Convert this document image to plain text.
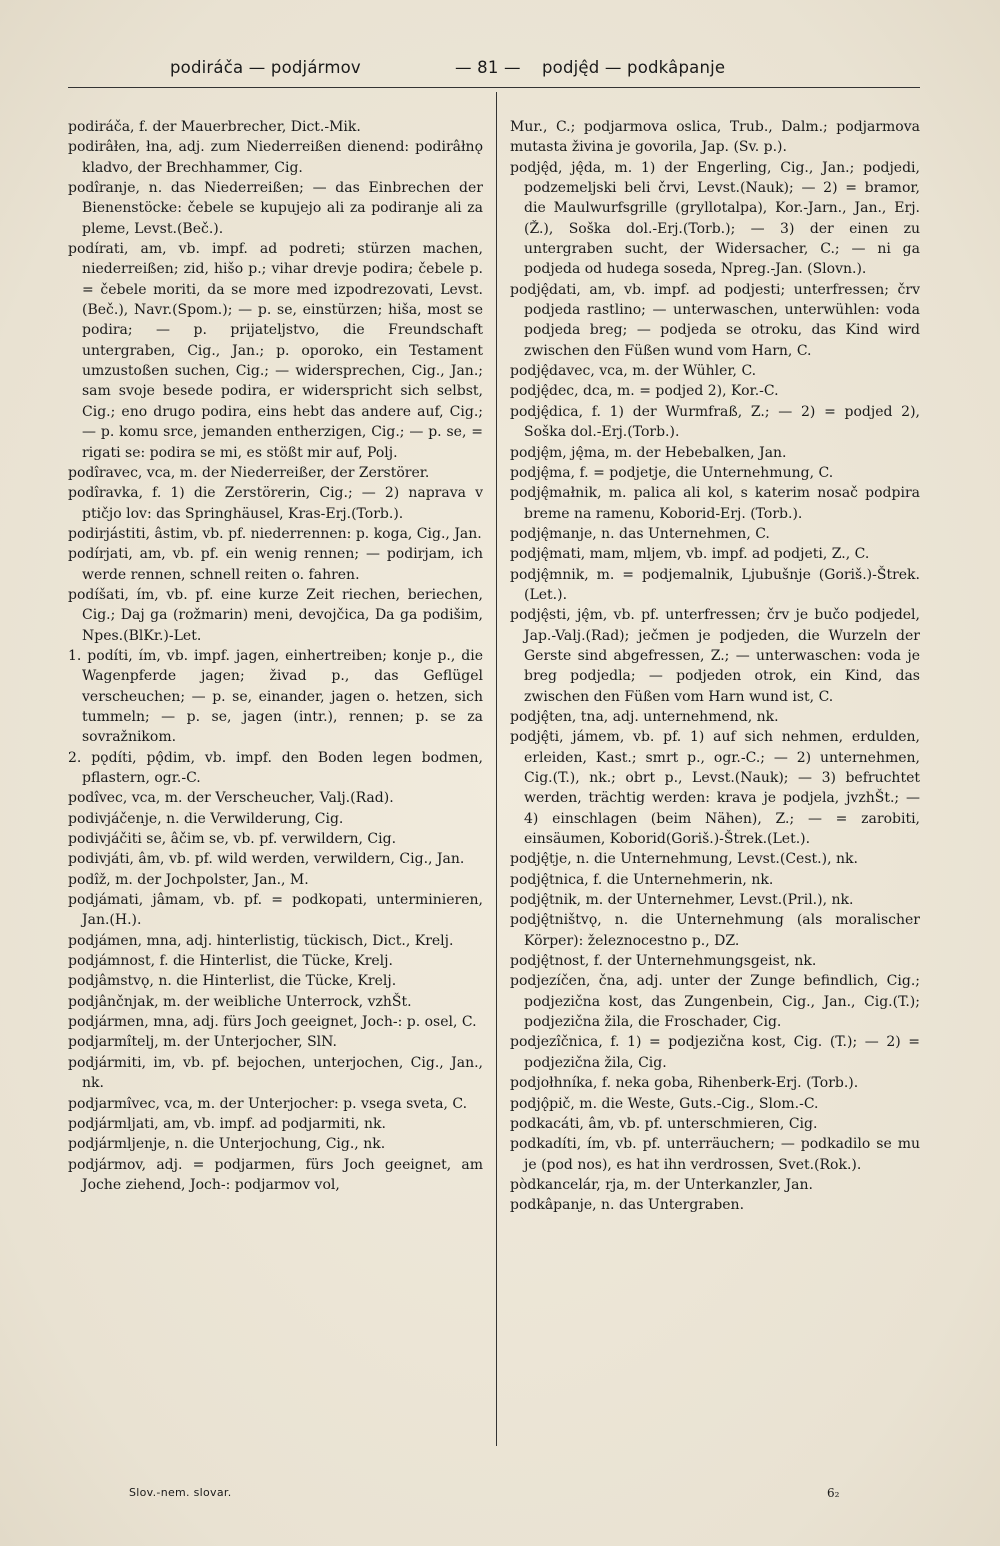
podiráča — podjármov	— 81 — podję̂d — podkâpanje

podiráča, f. der Mauerbrecher, Dict.-Mik.

podirâłen, łna, adj. zum Niederreißen dienend: podirâłnǫ kladvo, der Brechhammer, Cig.

podîranje, n. das Niederreißen; — das Einbrechen der Bienenstöcke: čebele se kupujejo ali za podiranje ali za pleme, Levst.(Beč.).

podírati, am, vb. impf. ad podreti; stürzen machen, niederreißen; zid, hišo p.; vihar drevje podira; čebele p. = čebele moriti, da se more med izpodrezovati, Levst.(Beč.), Navr.(Spom.); — p. se, einstürzen; hiša, most se podira; — p. prijateljstvo, die Freundschaft untergraben, Cig., Jan.; p. oporoko, ein Testament umzustoßen suchen, Cig.; — widersprechen, Cig., Jan.; sam svoje besede podira, er widerspricht sich selbst, Cig.; eno drugo podira, eins hebt das andere auf, Cig.; — p. komu srce, jemanden entherzigen, Cig.; — p. se, = rigati se: podira se mi, es stößt mir auf, Polj.

podîravec, vca, m. der Niederreißer, der Zerstörer.

podîravka, f. 1) die Zerstörerin, Cig.; — 2) naprava v ptičjo lov: das Springhäusel, Kras-Erj.(Torb.).

podirjástiti, âstim, vb. pf. niederrennen: p. koga, Cig., Jan.

podírjati, am, vb. pf. ein wenig rennen; — podirjam, ich werde rennen, schnell reiten o. fahren.

podíšati, ím, vb. pf. eine kurze Zeit riechen, beriechen, Cig.; Daj ga (rožmarin) meni, devojčica, Da ga podišim, Npes.(BlKr.)-Let.

1. podíti, ím, vb. impf. jagen, einhertreiben; konje p., die Wagenpferde jagen; živad p., das Geflügel verscheuchen; — p. se, einander, jagen o. hetzen, sich tummeln; — p. se, jagen (intr.), rennen; p. se za sovražnikom.

2. pǫdíti, pǫ̂dim, vb. impf. den Boden legen bodmen, pflastern, ogr.-C.

podîvec, vca, m. der Verscheucher, Valj.(Rad).

podivjáčenje, n. die Verwilderung, Cig.

podivjáčiti se, âčim se, vb. pf. verwildern, Cig.

podivjáti, âm, vb. pf. wild werden, verwildern, Cig., Jan.

podîž, m. der Jochpolster, Jan., M.

podjámati, jâmam, vb. pf. = podkopati, unterminieren, Jan.(H.).

podjámen, mna, adj. hinterlistig, tückisch, Dict., Krelj.

podjámnost, f. die Hinterlist, die Tücke, Krelj.

podjâmstvǫ, n. die Hinterlist, die Tücke, Krelj.

podjânčnjak, m. der weibliche Unterrock, vzhŠt.

podjármen, mna, adj. fürs Joch geeignet, Joch-: p. osel, C.

podjarmîtelj, m. der Unterjocher, SlN.

podjármiti, im, vb. pf. bejochen, unterjochen, Cig., Jan., nk.

podjarmîvec, vca, m. der Unterjocher: p. vsega sveta, C.

podjármljati, am, vb. impf. ad podjarmiti, nk.

podjármljenje, n. die Unterjochung, Cig., nk.

podjármov, adj. = podjarmen, fürs Joch geeignet, am Joche ziehend, Joch-: podjarmov vol,

Mur., C.; podjarmova oslica, Trub., Dalm.; podjarmova mutasta živina je govorila, Jap. (Sv. p.).

podję̂d, ję̂da, m. 1) der Engerling, Cig., Jan.; podjedi, podzemeljski beli črvi, Levst.(Nauk); — 2) = bramor, die Maulwurfsgrille (gryllotalpa), Kor.-Jarn., Jan., Erj.(Ž.), Soška dol.-Erj.(Torb.); — 3) der einen zu untergraben sucht, der Widersacher, C.; — ni ga podjeda od hudega soseda, Npreg.-Jan. (Slovn.).

podję̂dati, am, vb. impf. ad podjesti; unterfressen; črv podjeda rastlino; — unterwaschen, unterwühlen: voda podjeda breg; — podjeda se otroku, das Kind wird zwischen den Füßen wund vom Harn, C.

podję̂davec, vca, m. der Wühler, C.

podję̂dec, dca, m. = podjed 2), Kor.-C.

podję̂dica, f. 1) der Wurmfraß, Z.; — 2) = podjed 2), Soška dol.-Erj.(Torb.).

podję̂m, ję̂ma, m. der Hebebalken, Jan.

podję̂ma, f. = podjetje, die Unternehmung, C.

podję̂małnik, m. palica ali kol, s katerim nosač podpira breme na ramenu, Koborid-Erj. (Torb.).

podję̂manje, n. das Unternehmen, C.

podję̂mati, mam, mljem, vb. impf. ad podjeti, Z., C.

podję̂mnik, m. = podjemalnik, Ljubušnje (Goriš.)-Štrek.(Let.).

podję̂sti, ję̂m, vb. pf. unterfressen; črv je bučo podjedel, Jap.-Valj.(Rad); ječmen je podjeden, die Wurzeln der Gerste sind abgefressen, Z.; — unterwaschen: voda je breg podjedla; — podjeden otrok, ein Kind, das zwischen den Füßen vom Harn wund ist, C.

podję̂ten, tna, adj. unternehmend, nk.

podję̂ti, jámem, vb. pf. 1) auf sich nehmen, erdulden, erleiden, Kast.; smrt p., ogr.-C.; — 2) unternehmen, Cig.(T.), nk.; obrt p., Levst.(Nauk); — 3) befruchtet werden, trächtig werden: krava je podjela, jvzhŠt.; — 4) einschlagen (beim Nähen), Z.; — = zarobiti, einsäumen, Koborid(Goriš.)-Štrek.(Let.).

podję̂tje, n. die Unternehmung, Levst.(Cest.), nk.

podję̂tnica, f. die Unternehmerin, nk.

podję̂tnik, m. der Unternehmer, Levst.(Pril.), nk.

podję̂tništvǫ, n. die Unternehmung (als moralischer Körper): železnocestno p., DZ.

podję̂tnost, f. der Unternehmungsgeist, nk.

podjezíčen, čna, adj. unter der Zunge befindlich, Cig.; podjezična kost, das Zungenbein, Cig., Jan., Cig.(T.); podjezična žila, die Froschader, Cig.

podjezîčnica, f. 1) = podjezična kost, Cig. (T.); — 2) = podjezična žila, Cig.

podjołhníka, f. neka goba, Rihenberk-Erj. (Torb.).

podjǫ̂pič, m. die Weste, Guts.-Cig., Slom.-C.

podkacáti, âm, vb. pf. unterschmieren, Cig.

podkadíti, ím, vb. pf. unterräuchern; — podkadilo se mu je (pod nos), es hat ihn verdrossen, Svet.(Rok.).

pòdkancelár, rja, m. der Unterkanzler, Jan.

podkâpanje, n. das Untergraben.

Slov.-nem. slovar.	6₂
